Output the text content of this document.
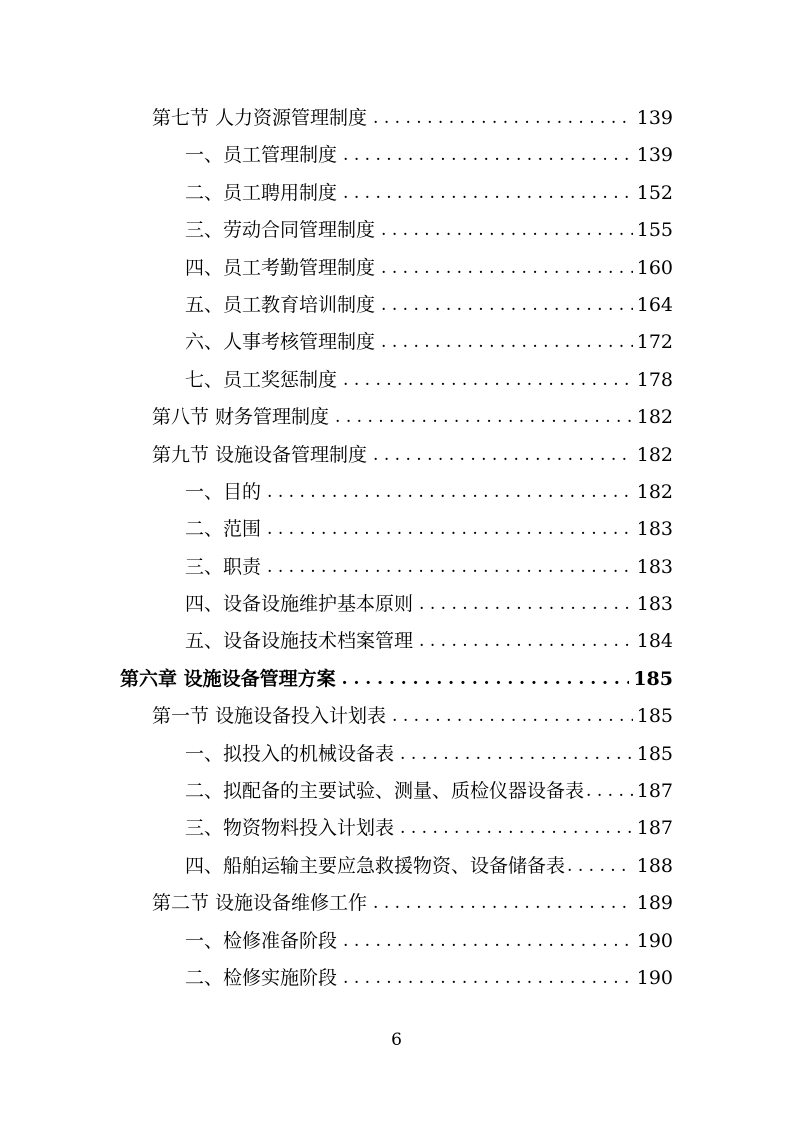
第七节 人力资源管理制度 . . .	139
一、员工管理制度 . . .	139
二、员工聘用制度 . . .	152
三、劳动合同管理制度 . . .	155
四、员工考勤管理制度 . . .	160
五、员工教育培训制度 . . .	164
六、人事考核管理制度 . . .	172
七、员工奖惩制度 . . .	178
第八节 财务管理制度 . . .	182
第九节 设施设备管理制度 . . .	182
一、目的 . . .	182
二、范围 . . .	183
三、职责 . . .	183
四、设备设施维护基本原则 . . .	183
五、设备设施技术档案管理 . . .	184
第六章 设施设备管理方案 . . .	185
第一节 设施设备投入计划表 . . .	185
一、拟投入的机械设备表 . . .	185
二、拟配备的主要试验、测量、质检仪器设备表 . . .	187
三、物资物料投入计划表 . . .	187
四、船舶运输主要应急救援物资、设备储备表 . . .	188
第二节 设施设备维修工作 . . .	189
一、检修准备阶段 . . .	190
二、检修实施阶段 . . .	190
6
